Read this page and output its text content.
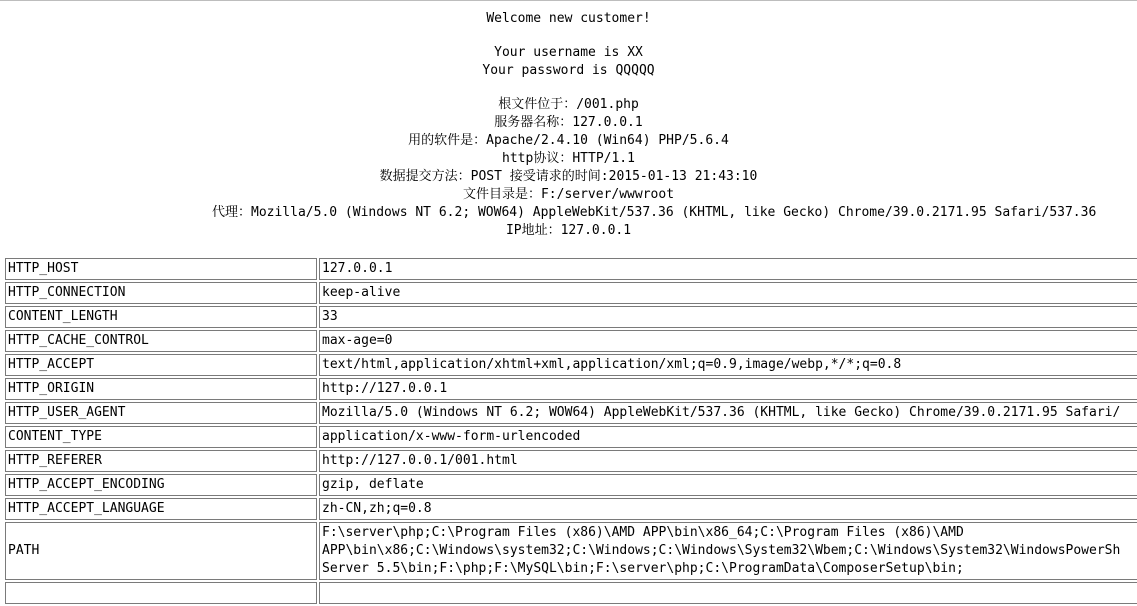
Welcome new customer!
Your username is XX
Your password is QQQQQ
根文件位于：/001.php
服务器名称：127.0.0.1
用的软件是：Apache/2.4.10 (Win64) PHP/5.6.4
http协议：HTTP/1.1
数据提交方法：POST 接受请求的时间:2015-01-13 21:43:10
文件目录是：F:/server/wwwroot
代理：Mozilla/5.0 (Windows NT 6.2; WOW64) AppleWebKit/537.36 (KHTML, like Gecko) Chrome/39.0.2171.95 Safari/537.36
IP地址：127.0.0.1
HTTP_HOST	127.0.0.1
HTTP_CONNECTION	keep-alive
CONTENT_LENGTH	33
HTTP_CACHE_CONTROL	max-age=0
HTTP_ACCEPT	text/html,application/xhtml+xml,application/xml;q=0.9,image/webp,*/*;q=0.8
HTTP_ORIGIN	http://127.0.0.1
HTTP_USER_AGENT	Mozilla/5.0 (Windows NT 6.2; WOW64) AppleWebKit/537.36 (KHTML, like Gecko) Chrome/39.0.2171.95 Safari/
CONTENT_TYPE	application/x-www-form-urlencoded
HTTP_REFERER	http://127.0.0.1/001.html
HTTP_ACCEPT_ENCODING	gzip, deflate
HTTP_ACCEPT_LANGUAGE	zh-CN,zh;q=0.8
PATH	F:\server\php;C:\Program Files (x86)\AMD APP\bin\x86_64;C:\Program Files (x86)\AMD
APP\bin\x86;C:\Windows\system32;C:\Windows;C:\Windows\System32\Wbem;C:\Windows\System32\WindowsPowerSh
Server 5.5\bin;F:\php;F:\MySQL\bin;F:\server\php;C:\ProgramData\ComposerSetup\bin;
